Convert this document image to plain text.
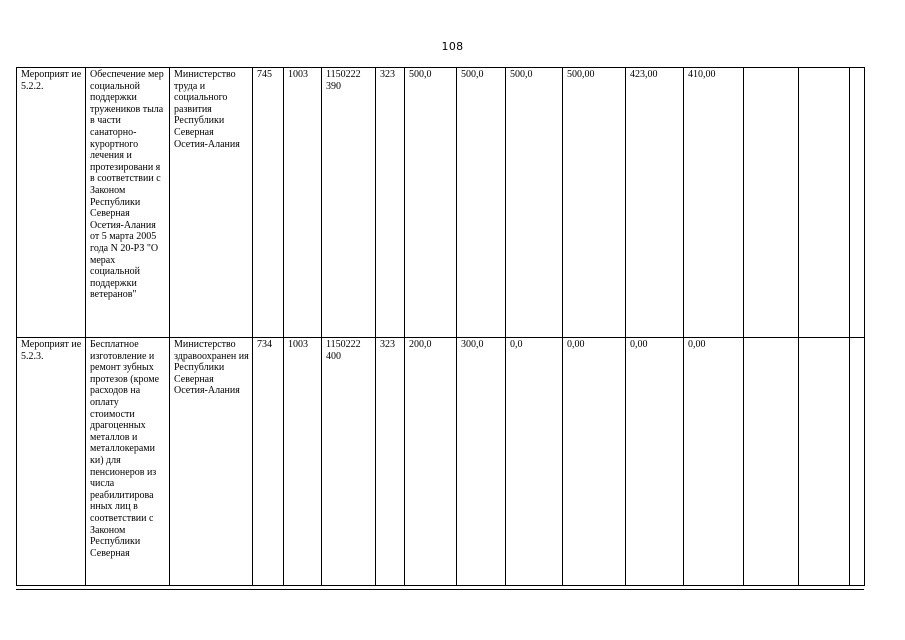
108
Мероприят ие 5.2.2.	Обеспечение мер социальной поддержки тружеников тыла в части санаторно-курортного лечения и протезировани я в соответствии с Законом Республики Северная Осетия-Алания от 5 марта 2005 года N 20-РЗ "О мерах социальной поддержки ветеранов"	Министерство труда и социального развития Республики Северная Осетия-Алания	745	1003	1150222 390	323	500,0	500,0	500,0	500,00	423,00	410,00			
Мероприят ие 5.2.3.	Бесплатное изготовление и ремонт зубных протезов (кроме расходов на оплату стоимости драгоценных металлов и металлокерами ки) для пенсионеров из числа реабилитирова нных лиц в соответствии с Законом Республики Северная	Министерство здравоохранен ия Республики Северная Осетия-Алания	734	1003	1150222 400	323	200,0	300,0	0,0	0,00	0,00	0,00			
